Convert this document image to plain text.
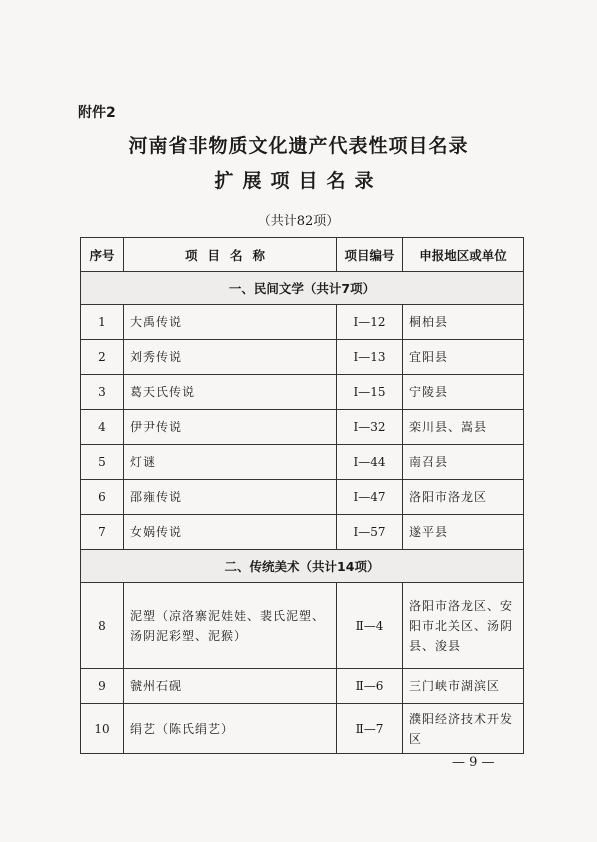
附件2
河南省非物质文化遗产代表性项目名录
扩展项目名录
（共计82项）
序号	项目名称	项目编号	申报地区或单位
一、民间文学（共计7项）			
1	大禹传说	Ⅰ—12	桐柏县
2	刘秀传说	Ⅰ—13	宜阳县
3	葛天氏传说	Ⅰ—15	宁陵县
4	伊尹传说	Ⅰ—32	栾川县、嵩县
5	灯谜	Ⅰ—44	南召县
6	邵雍传说	Ⅰ—47	洛阳市洛龙区
7	女娲传说	Ⅰ—57	遂平县
二、传统美术（共计14项）			
8	泥塑（凉洛寨泥娃娃、裴氏泥塑、汤阴泥彩塑、泥猴）	Ⅱ—4	洛阳市洛龙区、安阳市北关区、汤阴县、浚县
9	虢州石砚	Ⅱ—6	三门峡市湖滨区
10	绢艺（陈氏绢艺）	Ⅱ—7	濮阳经济技术开发区
— 9 —
